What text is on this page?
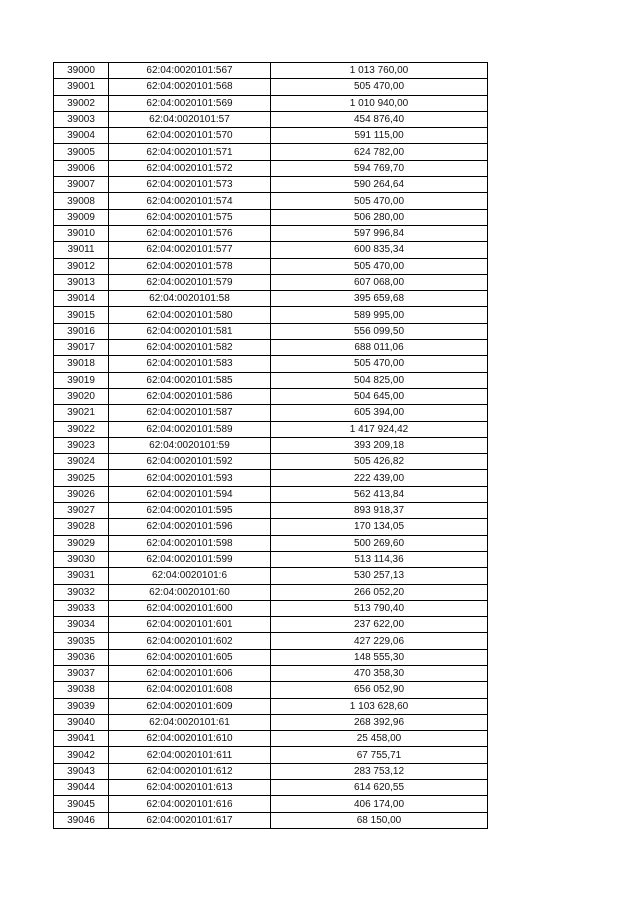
39000	62:04:0020101:567	1 013 760,00
39001	62:04:0020101:568	505 470,00
39002	62:04:0020101:569	1 010 940,00
39003	62:04:0020101:57	454 876,40
39004	62:04:0020101:570	591 115,00
39005	62:04:0020101:571	624 782,00
39006	62:04:0020101:572	594 769,70
39007	62:04:0020101:573	590 264,64
39008	62:04:0020101:574	505 470,00
39009	62:04:0020101:575	506 280,00
39010	62:04:0020101:576	597 996,84
39011	62:04:0020101:577	600 835,34
39012	62:04:0020101:578	505 470,00
39013	62:04:0020101:579	607 068,00
39014	62:04:0020101:58	395 659,68
39015	62:04:0020101:580	589 995,00
39016	62:04:0020101:581	556 099,50
39017	62:04:0020101:582	688 011,06
39018	62:04:0020101:583	505 470,00
39019	62:04:0020101:585	504 825,00
39020	62:04:0020101:586	504 645,00
39021	62:04:0020101:587	605 394,00
39022	62:04:0020101:589	1 417 924,42
39023	62:04:0020101:59	393 209,18
39024	62:04:0020101:592	505 426,82
39025	62:04:0020101:593	222 439,00
39026	62:04:0020101:594	562 413,84
39027	62:04:0020101:595	893 918,37
39028	62:04:0020101:596	170 134,05
39029	62:04:0020101:598	500 269,60
39030	62:04:0020101:599	513 114,36
39031	62:04:0020101:6	530 257,13
39032	62:04:0020101:60	266 052,20
39033	62:04:0020101:600	513 790,40
39034	62:04:0020101:601	237 622,00
39035	62:04:0020101:602	427 229,06
39036	62:04:0020101:605	148 555,30
39037	62:04:0020101:606	470 358,30
39038	62:04:0020101:608	656 052,90
39039	62:04:0020101:609	1 103 628,60
39040	62:04:0020101:61	268 392,96
39041	62:04:0020101:610	25 458,00
39042	62:04:0020101:611	67 755,71
39043	62:04:0020101:612	283 753,12
39044	62:04:0020101:613	614 620,55
39045	62:04:0020101:616	406 174,00
39046	62:04:0020101:617	68 150,00
